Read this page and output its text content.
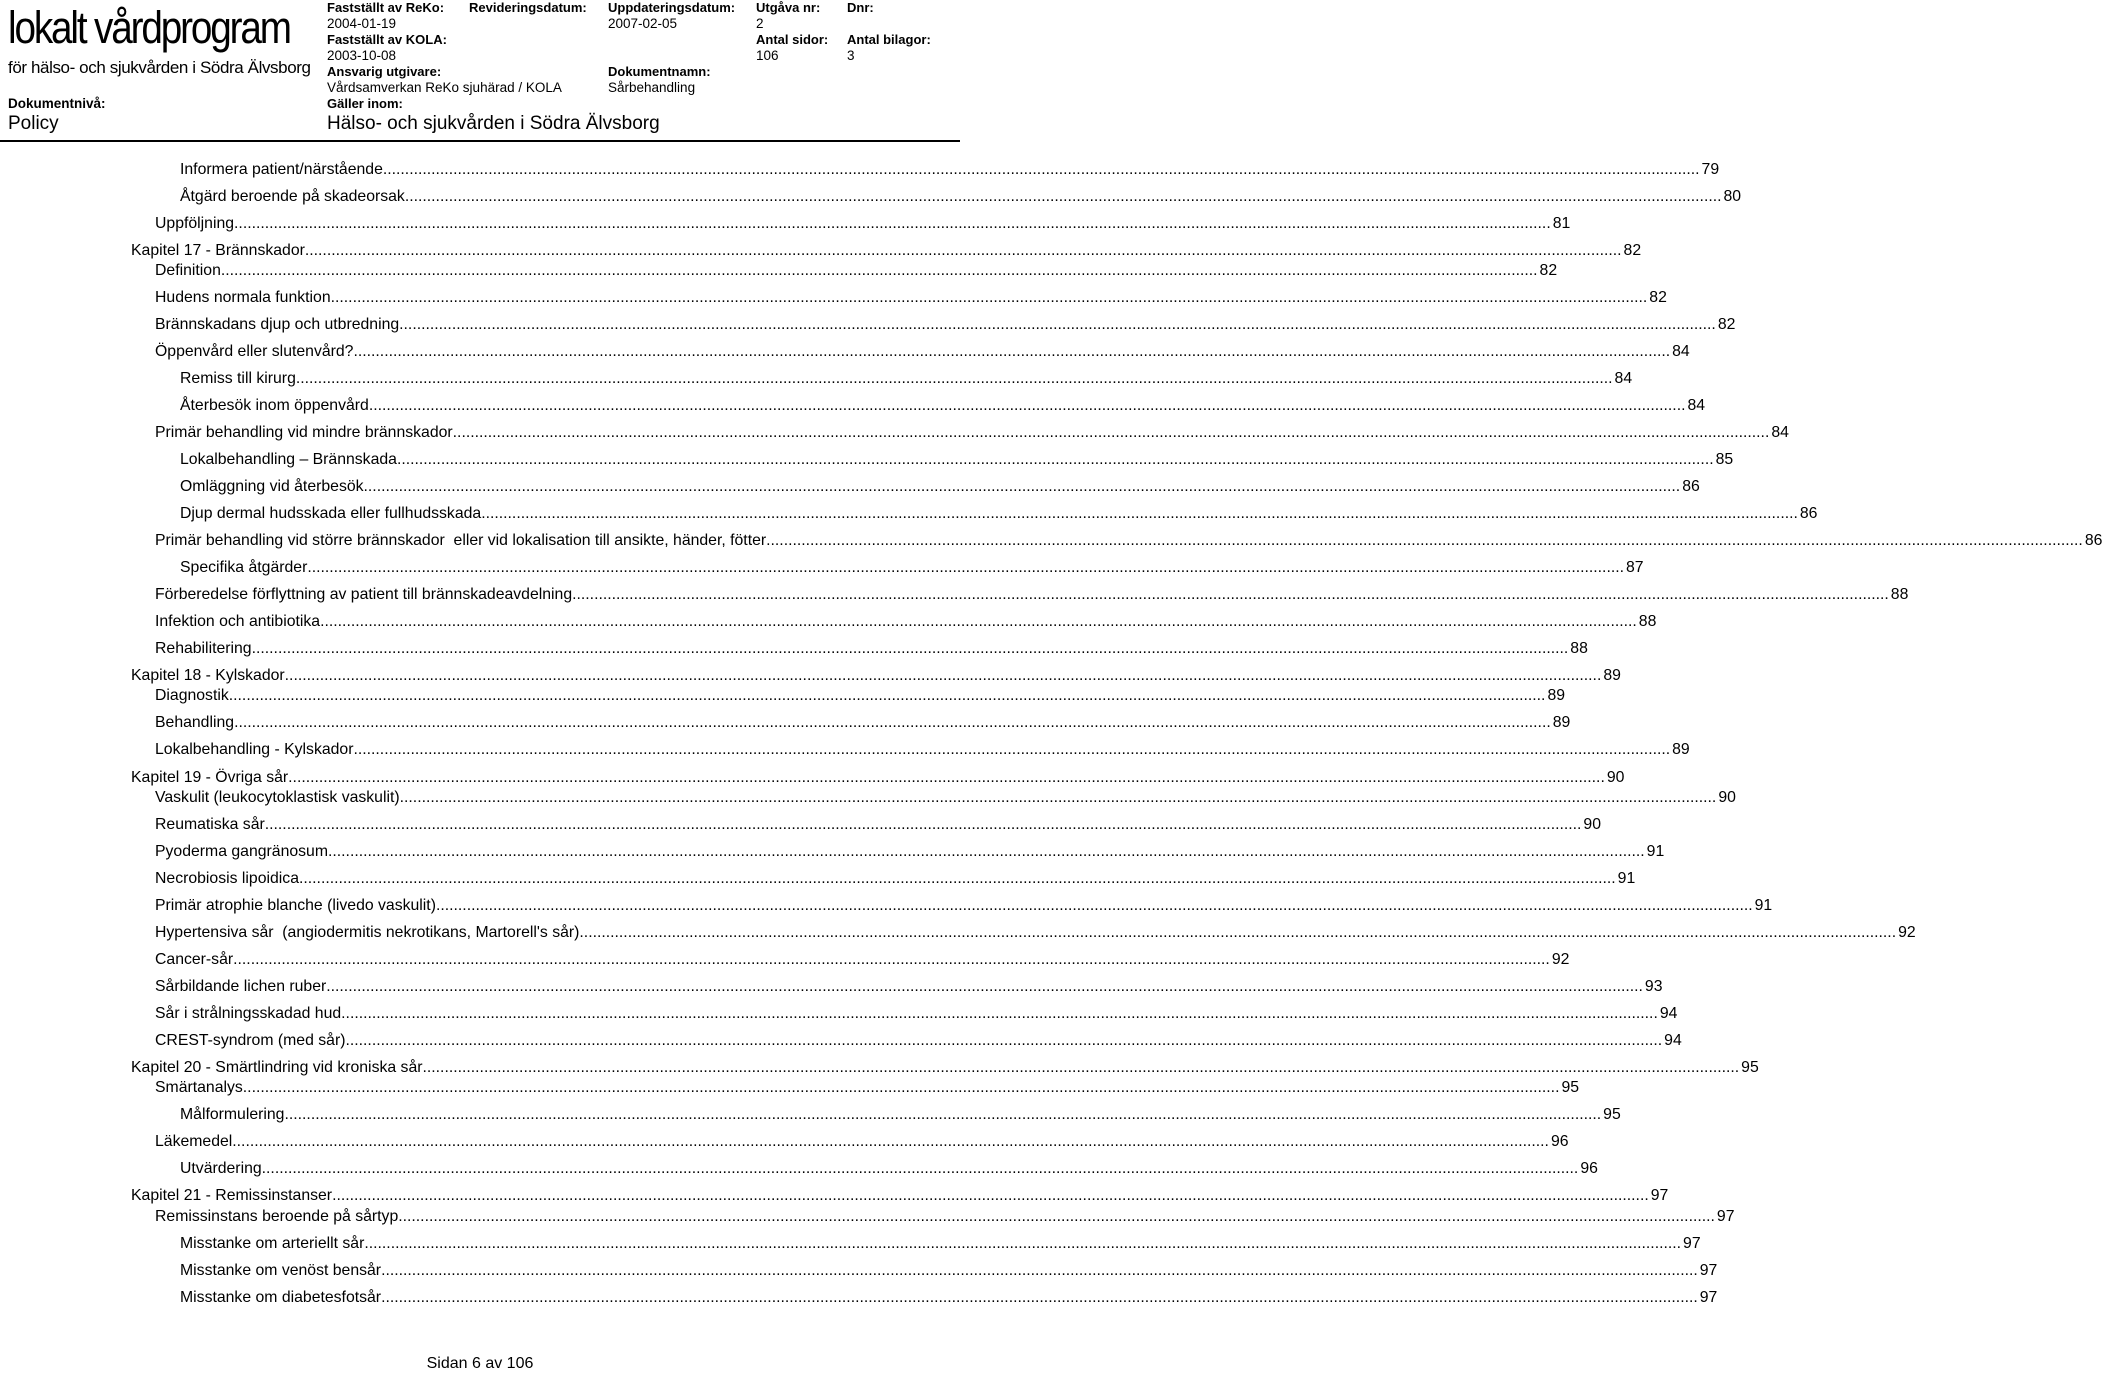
lokalt vårdprogram
för hälso- och sjukvården i Södra Älvsborg
Dokumentnivå:
Policy
Fastställt av ReKo:
2004-01-19
Fastställt av KOLA:
2003-10-08
Ansvarig utgivare:
Vårdsamverkan ReKo sjuhärad / KOLA
Gäller inom:
Hälso- och sjukvården i Södra Älvsborg
Revideringsdatum: Uppdateringsdatum:
2007-02-05
Dokumentnamn:
Sårbehandling
Utgåva nr:
2
Antal sidor:
106
Dnr:
Antal bilagor:
3
Informera patient/närstående ............................................................................................................................................................................................................................................................................................................ 79
Åtgärd beroende på skadeorsak ............................................................................................................................................................................................................................................................................................................ 80
Uppföljning ............................................................................................................................................................................................................................................................................................................ 81
Kapitel 17 - Brännskador ............................................................................................................................................................................................................................................................................................................ 82
Definition ............................................................................................................................................................................................................................................................................................................ 82
Hudens normala funktion ............................................................................................................................................................................................................................................................................................................ 82
Brännskadans djup och utbredning ............................................................................................................................................................................................................................................................................................................ 82
Öppenvård eller slutenvård? ............................................................................................................................................................................................................................................................................................................ 84
Remiss till kirurg ............................................................................................................................................................................................................................................................................................................ 84
Återbesök inom öppenvård ............................................................................................................................................................................................................................................................................................................ 84
Primär behandling vid mindre brännskador ............................................................................................................................................................................................................................................................................................................ 84
Lokalbehandling – Brännskada ............................................................................................................................................................................................................................................................................................................ 85
Omläggning vid återbesök ............................................................................................................................................................................................................................................................................................................ 86
Djup dermal hudsskada eller fullhudsskada ............................................................................................................................................................................................................................................................................................................ 86
Primär behandling vid större brännskador  eller vid lokalisation till ansikte, händer, fötter ............................................................................................................................................................................................................................................................................................................ 86
Specifika åtgärder ............................................................................................................................................................................................................................................................................................................ 87
Förberedelse förflyttning av patient till brännskadeavdelning ............................................................................................................................................................................................................................................................................................................ 88
Infektion och antibiotika ............................................................................................................................................................................................................................................................................................................ 88
Rehabilitering ............................................................................................................................................................................................................................................................................................................ 88
Kapitel 18 - Kylskador ............................................................................................................................................................................................................................................................................................................ 89
Diagnostik ............................................................................................................................................................................................................................................................................................................ 89
Behandling ............................................................................................................................................................................................................................................................................................................ 89
Lokalbehandling - Kylskador ............................................................................................................................................................................................................................................................................................................ 89
Kapitel 19 - Övriga sår ............................................................................................................................................................................................................................................................................................................ 90
Vaskulit (leukocytoklastisk vaskulit) ............................................................................................................................................................................................................................................................................................................ 90
Reumatiska sår ............................................................................................................................................................................................................................................................................................................ 90
Pyoderma gangränosum ............................................................................................................................................................................................................................................................................................................ 91
Necrobiosis lipoidica ............................................................................................................................................................................................................................................................................................................ 91
Primär atrophie blanche (livedo vaskulit) ............................................................................................................................................................................................................................................................................................................ 91
Hypertensiva sår  (angiodermitis nekrotikans, Martorell's sår) ............................................................................................................................................................................................................................................................................................................ 92
Cancer-sår ............................................................................................................................................................................................................................................................................................................ 92
Sårbildande lichen ruber ............................................................................................................................................................................................................................................................................................................ 93
Sår i strålningsskadad hud ............................................................................................................................................................................................................................................................................................................ 94
CREST-syndrom (med sår) ............................................................................................................................................................................................................................................................................................................ 94
Kapitel 20 - Smärtlindring vid kroniska sår ............................................................................................................................................................................................................................................................................................................ 95
Smärtanalys ............................................................................................................................................................................................................................................................................................................ 95
Målformulering ............................................................................................................................................................................................................................................................................................................ 95
Läkemedel ............................................................................................................................................................................................................................................................................................................ 96
Utvärdering ............................................................................................................................................................................................................................................................................................................ 96
Kapitel 21 - Remissinstanser ............................................................................................................................................................................................................................................................................................................ 97
Remissinstans beroende på sårtyp ............................................................................................................................................................................................................................................................................................................ 97
Misstanke om arteriellt sår ............................................................................................................................................................................................................................................................................................................ 97
Misstanke om venöst bensår ............................................................................................................................................................................................................................................................................................................ 97
Misstanke om diabetesfotsår ............................................................................................................................................................................................................................................................................................................ 97
Sidan 6 av 106
